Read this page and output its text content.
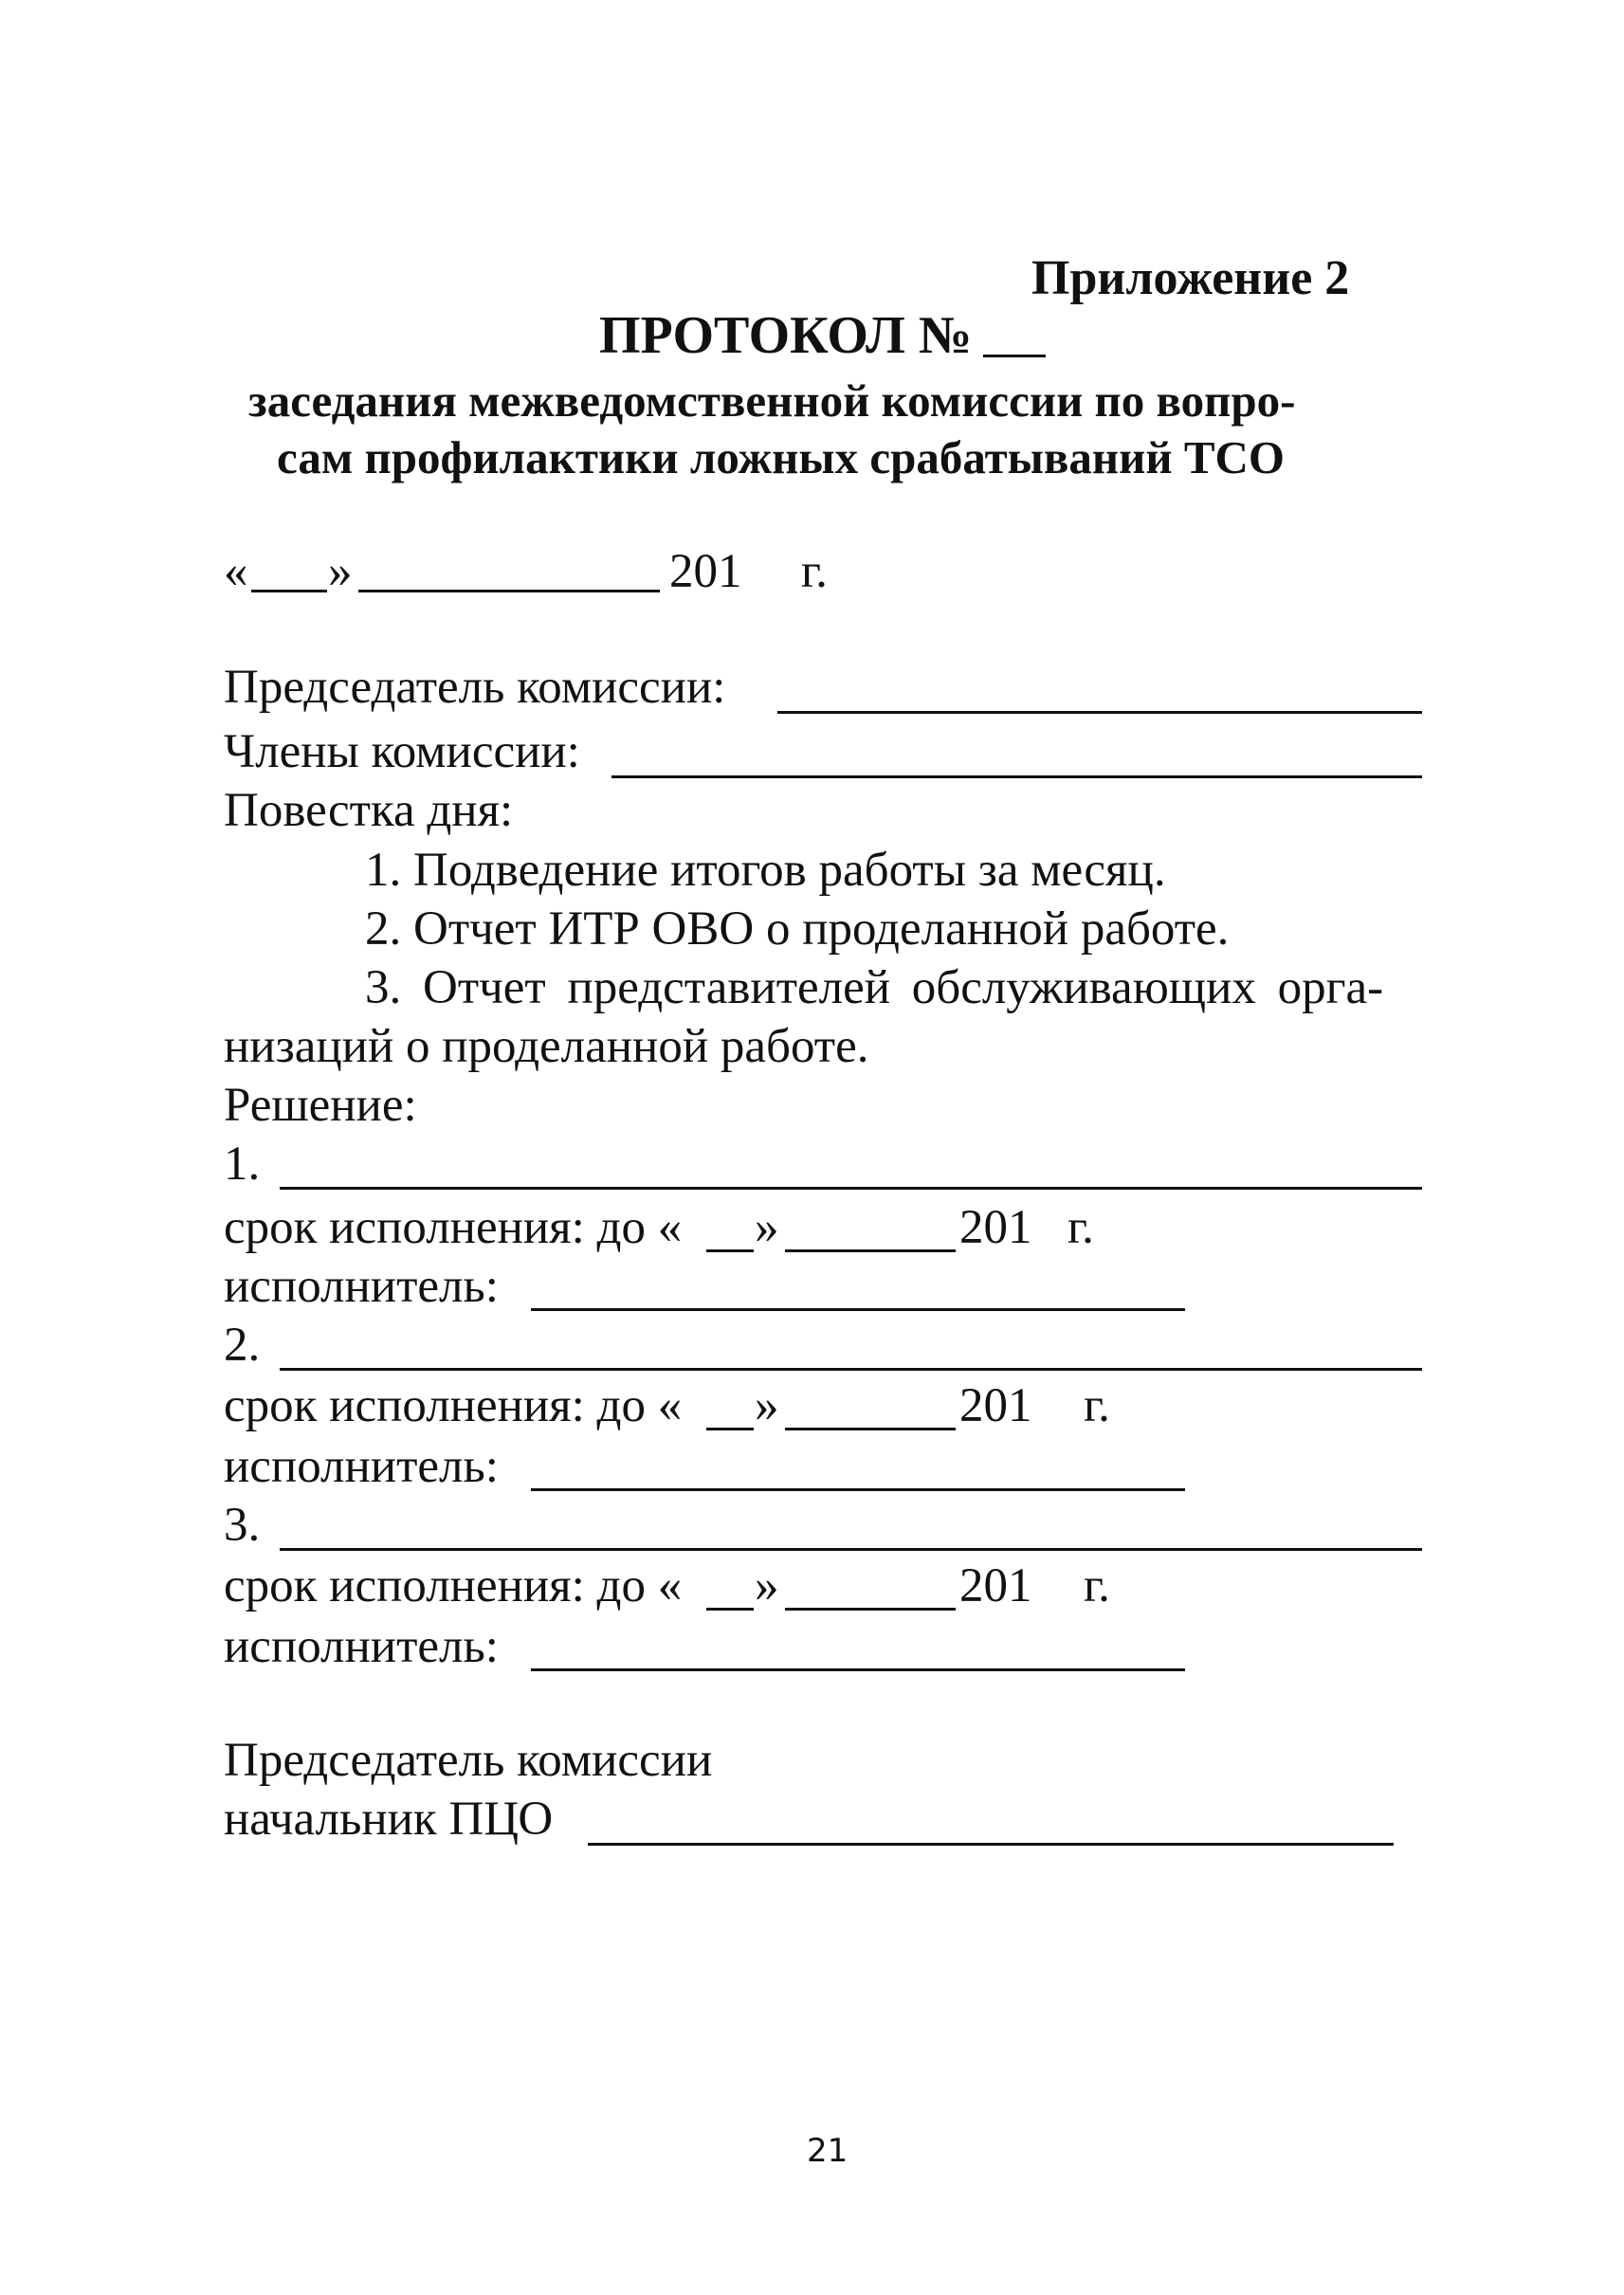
Приложение 2
ПРОТОКОЛ №
заседания межведомственной комиссии по вопро-
сам профилактики ложных срабатываний ТСО
« »	201 г.
Председатель комиссии:
Члены комиссии:
Повестка дня:
1. Подведение итогов работы за месяц.
2. Отчет ИТР ОВО о проделанной работе.
3. Отчет представителей обслуживающих орга-
низаций о проделанной работе.
Решение:
1.
срок исполнения: до « »	201 г.
исполнитель:
2.
срок исполнения: до « »	201 г.
исполнитель:
3.
срок исполнения: до « »	201 г.
исполнитель:
Председатель комиссии
начальник ПЦО
21
